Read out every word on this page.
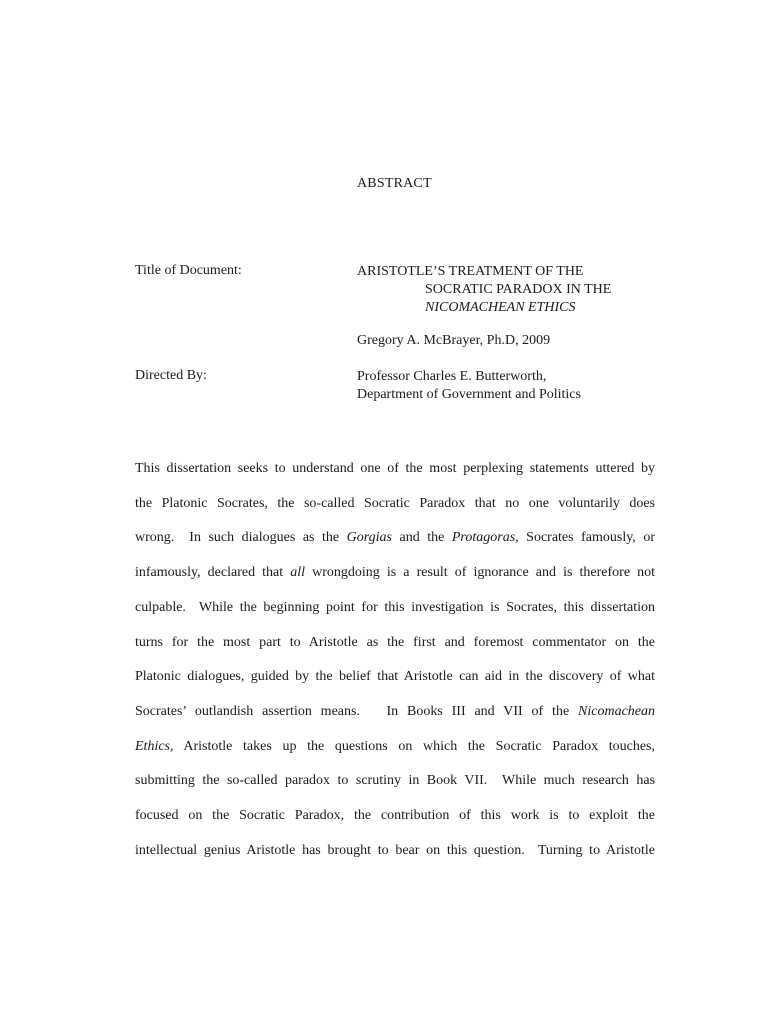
ABSTRACT
Title of Document:	ARISTOTLE’S TREATMENT OF THE
SOCRATIC PARADOX IN THE
NICOMACHEAN ETHICS
Gregory A. McBrayer, Ph.D, 2009
Directed By:	Professor Charles E. Butterworth,
Department of Government and Politics
This dissertation seeks to understand one of the most perplexing statements uttered by
the Platonic Socrates, the so-called Socratic Paradox that no one voluntarily does
wrong.  In such dialogues as the Gorgias and the Protagoras, Socrates famously, or
infamously, declared that all wrongdoing is a result of ignorance and is therefore not
culpable.  While the beginning point for this investigation is Socrates, this dissertation
turns for the most part to Aristotle as the first and foremost commentator on the
Platonic dialogues, guided by the belief that Aristotle can aid in the discovery of what
Socrates’ outlandish assertion means.   In Books III and VII of the Nicomachean
Ethics, Aristotle takes up the questions on which the Socratic Paradox touches,
submitting the so-called paradox to scrutiny in Book VII.  While much research has
focused on the Socratic Paradox, the contribution of this work is to exploit the
intellectual genius Aristotle has brought to bear on this question.  Turning to Aristotle
